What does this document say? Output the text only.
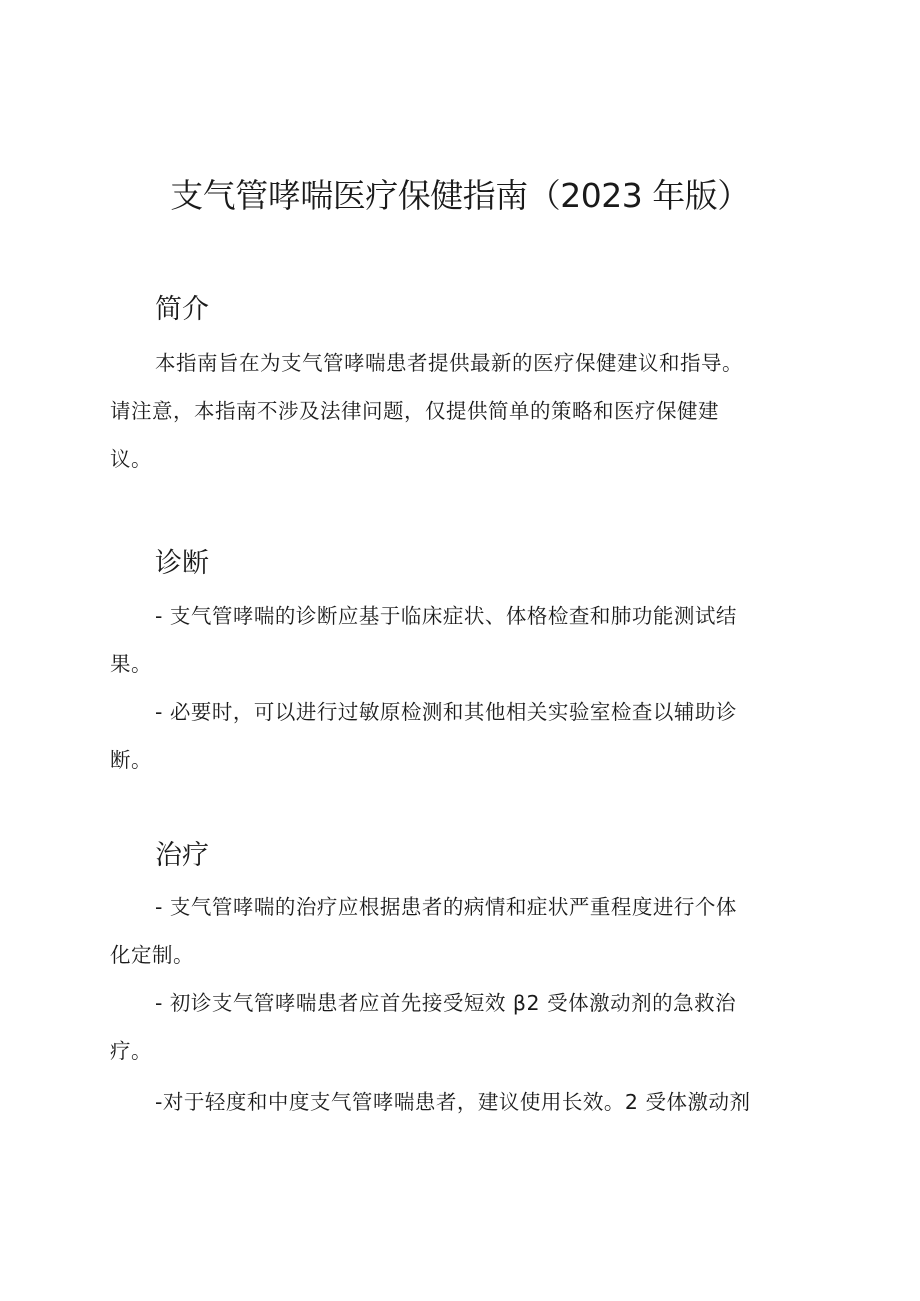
支气管哮喘医疗保健指南（2023 年版）
简介

本指南旨在为支气管哮喘患者提供最新的医疗保健建议和指导。
请注意，本指南不涉及法律问题，仅提供简单的策略和医疗保健建
议。

诊断

- 支气管哮喘的诊断应基于临床症状、体格检查和肺功能测试结
果。

- 必要时，可以进行过敏原检测和其他相关实验室检查以辅助诊
断。

治疗

- 支气管哮喘的治疗应根据患者的病情和症状严重程度进行个体
化定制。

- 初诊支气管哮喘患者应首先接受短效 β2 受体激动剂的急救治
疗。

-对于轻度和中度支气管哮喘患者，建议使用长效。2 受体激动剂
